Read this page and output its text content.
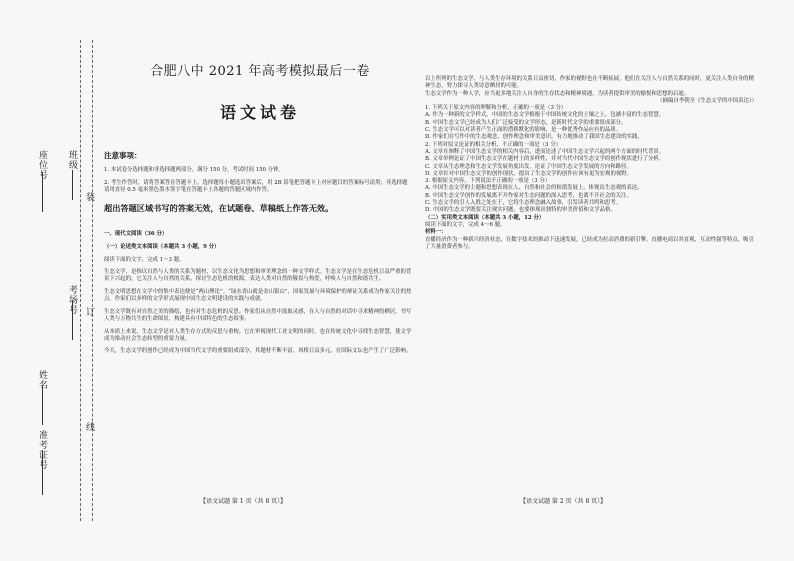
班级
考场号
座位号
姓名
准考证号
装
订
线
合肥八中 2021 年高考模拟最后一卷
语文试卷
注意事项：

1. 本试卷分选择题和非选择题两部分。满分 150 分，考试时间 150 分钟。

2. 考生作答时，请将答案答在答题卡上。选择题每小题选出答案后，用 2B 铅笔把答题卡上对应题目的答案标号涂黑；非选择题请用直径 0.5 毫米黑色墨水签字笔在答题卡上各题的答题区域内作答，

超出答题区域书写的答案无效，在试题卷、草稿纸上作答无效。

一、现代文阅读（36 分）

（一）论述类文本阅读（本题共 3 小题，9 分）

阅读下面的文字，完成 1～3 题。

生态文学，是指以自然与人类的关系为题材，以生态文化为思想和审美理念的一种文学样式。生态文学是在生态危机日益严重的背景下兴起的，它关注人与自然的关系，探讨生态危机的根源，表达人类对自然的敬畏与热爱，呼唤人与自然和谐共生。

生态文明思想在文学中的集中表达便是“两山理论”。“绿水青山就是金山银山”，国家发展与环境保护的辩证关系成为作家关注的焦点。作家们以多样的文学形式展现中国生态文明建设的实践与成就。

生态文学既有对自然之美的描绘，也有对生态危机的反思。作家们从自然中汲取灵感，在人与自然的对话中寻求精神的栖居，书写人类与万物共生的生命图景，构建具有中国特色的生态叙事。

从本质上来说，生态文学是对人类生存方式的反思与重构。它在审视现代工业文明的同时，也在传统文化中寻找生态智慧，使文学成为推动社会生态转型的重要力量。

今天，生态文学的创作已经成为中国当代文学的重要组成部分，其题材不断丰富，风格日益多元，在国际文坛也产生了广泛影响。

以上所列的生态文学，与人类生存环境的关系日益密切，作家的视野也在不断拓展。他们在关注人与自然关系的同时，更关注人类自身的精神生态，努力探寻人类诗意栖居的可能。

生态文学作为一种人学，应当更多地关注人自身的生存状态和精神境遇，为读者提供审美的愉悦和思想的启迪。

（摘编自李朝全《生态文学的中国表达》）

1. 下列关于原文内容的理解和分析，正确的一项是（3 分）

A. 作为一种新的文学样式，中国的生态文学植根于中国传统文化的土壤之上，包涵丰富的生态智慧。

B. 中国生态文学已经成为人们广泛接受的文学形态，是新时代文学的重要组成部分。

C. 生态文学可以对读者产生正面的潜移默化的影响，是一种优秀作品应有的品质。

D. 作家们在写作中的生态观念，创作理念和审美意识，有力地推动了我国生态建设的实践。

2. 下列对原文论证的相关分析，不正确的一项是（3 分）

A. 文章在阐释了中国生态文学的相关内容后，进而论述了中国生态文学兴起的两个方面的时代背景。

B. 文章举例论证了中国生态文学在题材上的多样性，并对当代中国生态文学的创作现状进行了分析。

C. 文章从生态理念和生态文学发展角度出发，论证了中国生态文学发展的方向和路径。

D. 文章针对中国生态文学的创作现状，提出了生态文学的创作应该有更为宏观的视野。

3. 根据原文内容，下列说法不正确的一项是（3 分）

A. 中国生态文学的主题和思想表现在人、自然和社会的和谐发展上，体现出生态观的表达。

B. 中国生态文学创作的发展离不开作家对生态问题的深入思考，也离不开社会的关注。

C. 生态文学的引人入胜之处在于，它将生态理念融入故事，引发读者共鸣和思考。

D. 中国的生态文学既要关注现实问题，也要体现出独特的审美价值和文学品格。

（二）实用类文本阅读（本题共 3 小题，12 分）

阅读下面的文字，完成 4～6 题。

材料一：

直播经济作为一种新兴经济业态，在数字技术的推动下迅速发展，已经成为拉动消费的新引擎。直播电商以其直观、互动性强等特点，吸引了大量消费者参与。

【语文试题 第 1 页（共 8 页）】	【语文试题 第 2 页（共 8 页）】
